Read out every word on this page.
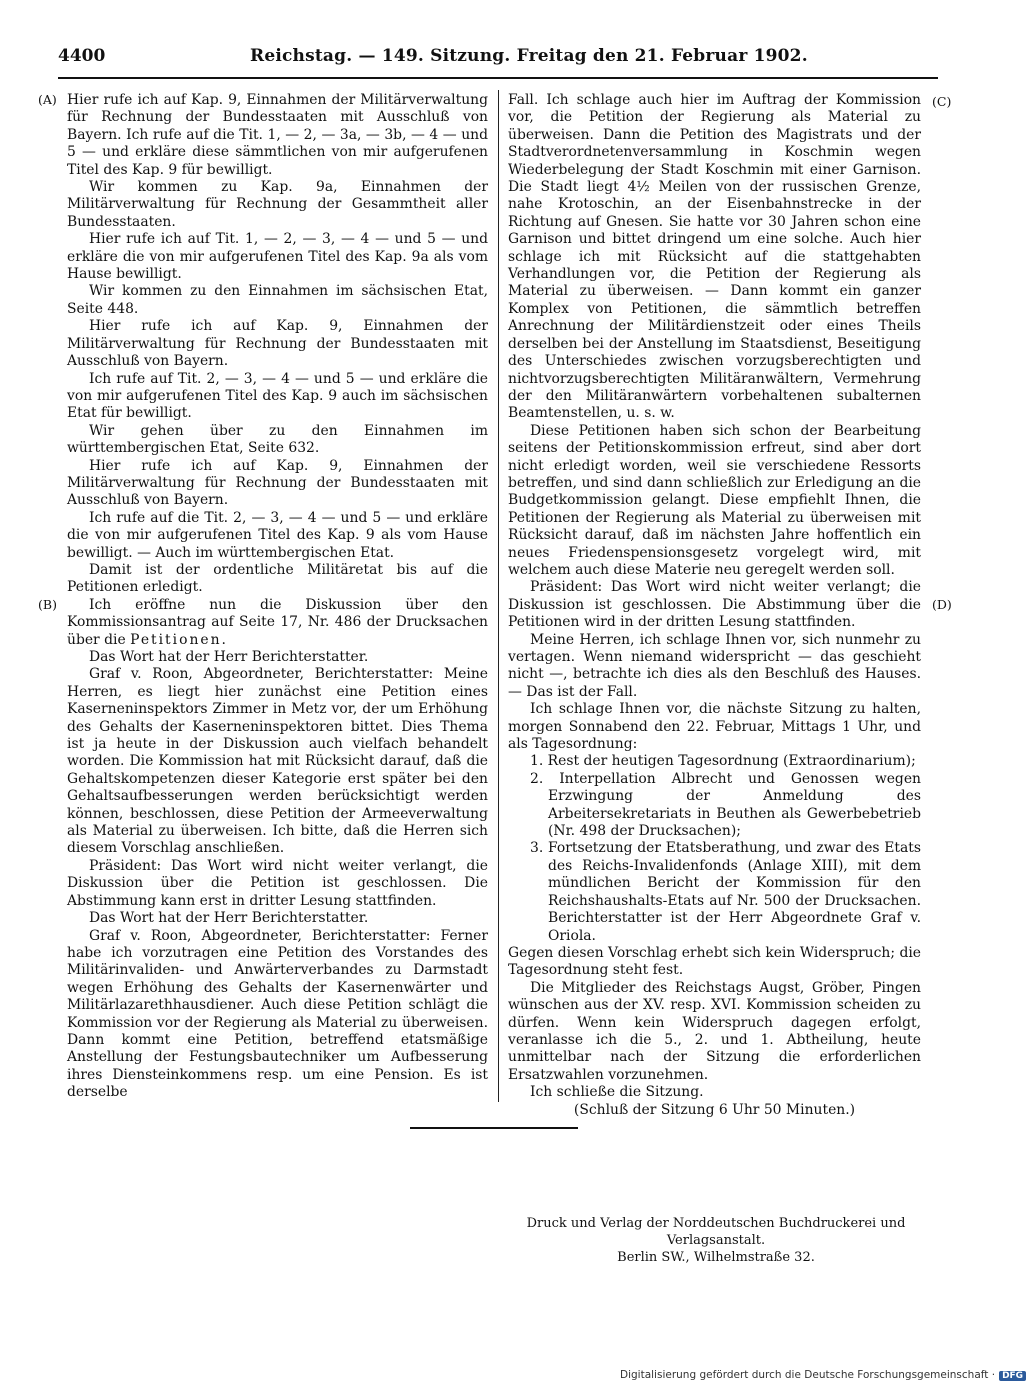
4400	Reichstag. — 149. Sitzung. Freitag den 21. Februar 1902.
(A)
(B)
(C)
(D)

Hier rufe ich auf Kap. 9, Einnahmen der Militärverwaltung für Rechnung der Bundesstaaten mit Ausschluß von Bayern. Ich rufe auf die Tit. 1, — 2, — 3a, — 3b, — 4 — und 5 — und erkläre diese sämmtlichen von mir aufgerufenen Titel des Kap. 9 für bewilligt.

Wir kommen zu Kap. 9a, Einnahmen der Militärverwaltung für Rechnung der Gesammtheit aller Bundesstaaten.

Hier rufe ich auf Tit. 1, — 2, — 3, — 4 — und 5 — und erkläre die von mir aufgerufenen Titel des Kap. 9a als vom Hause bewilligt.

Wir kommen zu den Einnahmen im sächsischen Etat, Seite 448.

Hier rufe ich auf Kap. 9, Einnahmen der Militärverwaltung für Rechnung der Bundesstaaten mit Ausschluß von Bayern.

Ich rufe auf Tit. 2, — 3, — 4 — und 5 — und erkläre die von mir aufgerufenen Titel des Kap. 9 auch im sächsischen Etat für bewilligt.

Wir gehen über zu den Einnahmen im württembergischen Etat, Seite 632.

Hier rufe ich auf Kap. 9, Einnahmen der Militärverwaltung für Rechnung der Bundesstaaten mit Ausschluß von Bayern.

Ich rufe auf die Tit. 2, — 3, — 4 — und 5 — und erkläre die von mir aufgerufenen Titel des Kap. 9 als vom Hause bewilligt. — Auch im württembergischen Etat.

Damit ist der ordentliche Militäretat bis auf die Petitionen erledigt.

Ich eröffne nun die Diskussion über den Kommissionsantrag auf Seite 17, Nr. 486 der Drucksachen über die Petitionen.

Das Wort hat der Herr Berichterstatter.

Graf v. Roon, Abgeordneter, Berichterstatter: Meine Herren, es liegt hier zunächst eine Petition eines Kaserneninspektors Zimmer in Metz vor, der um Erhöhung des Gehalts der Kaserneninspektoren bittet. Dies Thema ist ja heute in der Diskussion auch vielfach behandelt worden. Die Kommission hat mit Rücksicht darauf, daß die Gehaltskompetenzen dieser Kategorie erst später bei den Gehaltsaufbesserungen werden berücksichtigt werden können, beschlossen, diese Petition der Armeeverwaltung als Material zu überweisen. Ich bitte, daß die Herren sich diesem Vorschlag anschließen.

Präsident: Das Wort wird nicht weiter verlangt, die Diskussion über die Petition ist geschlossen. Die Abstimmung kann erst in dritter Lesung stattfinden.

Das Wort hat der Herr Berichterstatter.

Graf v. Roon, Abgeordneter, Berichterstatter: Ferner habe ich vorzutragen eine Petition des Vorstandes des Militärinvaliden- und Anwärterverbandes zu Darmstadt wegen Erhöhung des Gehalts der Kasernenwärter und Militärlazarethhausdiener. Auch diese Petition schlägt die Kommission vor der Regierung als Material zu überweisen. Dann kommt eine Petition, betreffend etatsmäßige Anstellung der Festungsbautechniker um Aufbesserung ihres Diensteinkommens resp. um eine Pension. Es ist derselbe

Fall. Ich schlage auch hier im Auftrag der Kommission vor, die Petition der Regierung als Material zu überweisen. Dann die Petition des Magistrats und der Stadtverordnetenversammlung in Koschmin wegen Wiederbelegung der Stadt Koschmin mit einer Garnison. Die Stadt liegt 4½ Meilen von der russischen Grenze, nahe Krotoschin, an der Eisenbahnstrecke in der Richtung auf Gnesen. Sie hatte vor 30 Jahren schon eine Garnison und bittet dringend um eine solche. Auch hier schlage ich mit Rücksicht auf die stattgehabten Verhandlungen vor, die Petition der Regierung als Material zu überweisen. — Dann kommt ein ganzer Komplex von Petitionen, die sämmtlich betreffen Anrechnung der Militärdienstzeit oder eines Theils derselben bei der Anstellung im Staatsdienst, Beseitigung des Unterschiedes zwischen vorzugsberechtigten und nichtvorzugsberechtigten Militäranwältern, Vermehrung der den Militäranwärtern vorbehaltenen subalternen Beamtenstellen, u. s. w.

Diese Petitionen haben sich schon der Bearbeitung seitens der Petitionskommission erfreut, sind aber dort nicht erledigt worden, weil sie verschiedene Ressorts betreffen, und sind dann schließlich zur Erledigung an die Budgetkommission gelangt. Diese empfiehlt Ihnen, die Petitionen der Regierung als Material zu überweisen mit Rücksicht darauf, daß im nächsten Jahre hoffentlich ein neues Friedenspensionsgesetz vorgelegt wird, mit welchem auch diese Materie neu geregelt werden soll.

Präsident: Das Wort wird nicht weiter verlangt; die Diskussion ist geschlossen. Die Abstimmung über die Petitionen wird in der dritten Lesung stattfinden.

Meine Herren, ich schlage Ihnen vor, sich nunmehr zu vertagen. Wenn niemand widerspricht — das geschieht nicht —, betrachte ich dies als den Beschluß des Hauses. — Das ist der Fall.

Ich schlage Ihnen vor, die nächste Sitzung zu halten, morgen Sonnabend den 22. Februar, Mittags 1 Uhr, und als Tagesordnung:

1. Rest der heutigen Tagesordnung (Extraordinarium);

2. Interpellation Albrecht und Genossen wegen Erzwingung der Anmeldung des Arbeitersekretariats in Beuthen als Gewerbebetrieb (Nr. 498 der Drucksachen);

3. Fortsetzung der Etatsberathung, und zwar des Etats des Reichs-Invalidenfonds (Anlage XIII), mit dem mündlichen Bericht der Kommission für den Reichshaushalts-Etats auf Nr. 500 der Drucksachen. Berichterstatter ist der Herr Abgeordnete Graf v. Oriola.

Gegen diesen Vorschlag erhebt sich kein Widerspruch; die Tagesordnung steht fest.

Die Mitglieder des Reichstags Augst, Gröber, Pingen wünschen aus der XV. resp. XVI. Kommission scheiden zu dürfen. Wenn kein Widerspruch dagegen erfolgt, veranlasse ich die 5., 2. und 1. Abtheilung, heute unmittelbar nach der Sitzung die erforderlichen Ersatzwahlen vorzunehmen.

Ich schließe die Sitzung.

(Schluß der Sitzung 6 Uhr 50 Minuten.)

Druck und Verlag der Norddeutschen Buchdruckerei und Verlagsanstalt.

Berlin SW., Wilhelmstraße 32.

Digitalisierung gefördert durch die Deutsche Forschungsgemeinschaft · DFG
